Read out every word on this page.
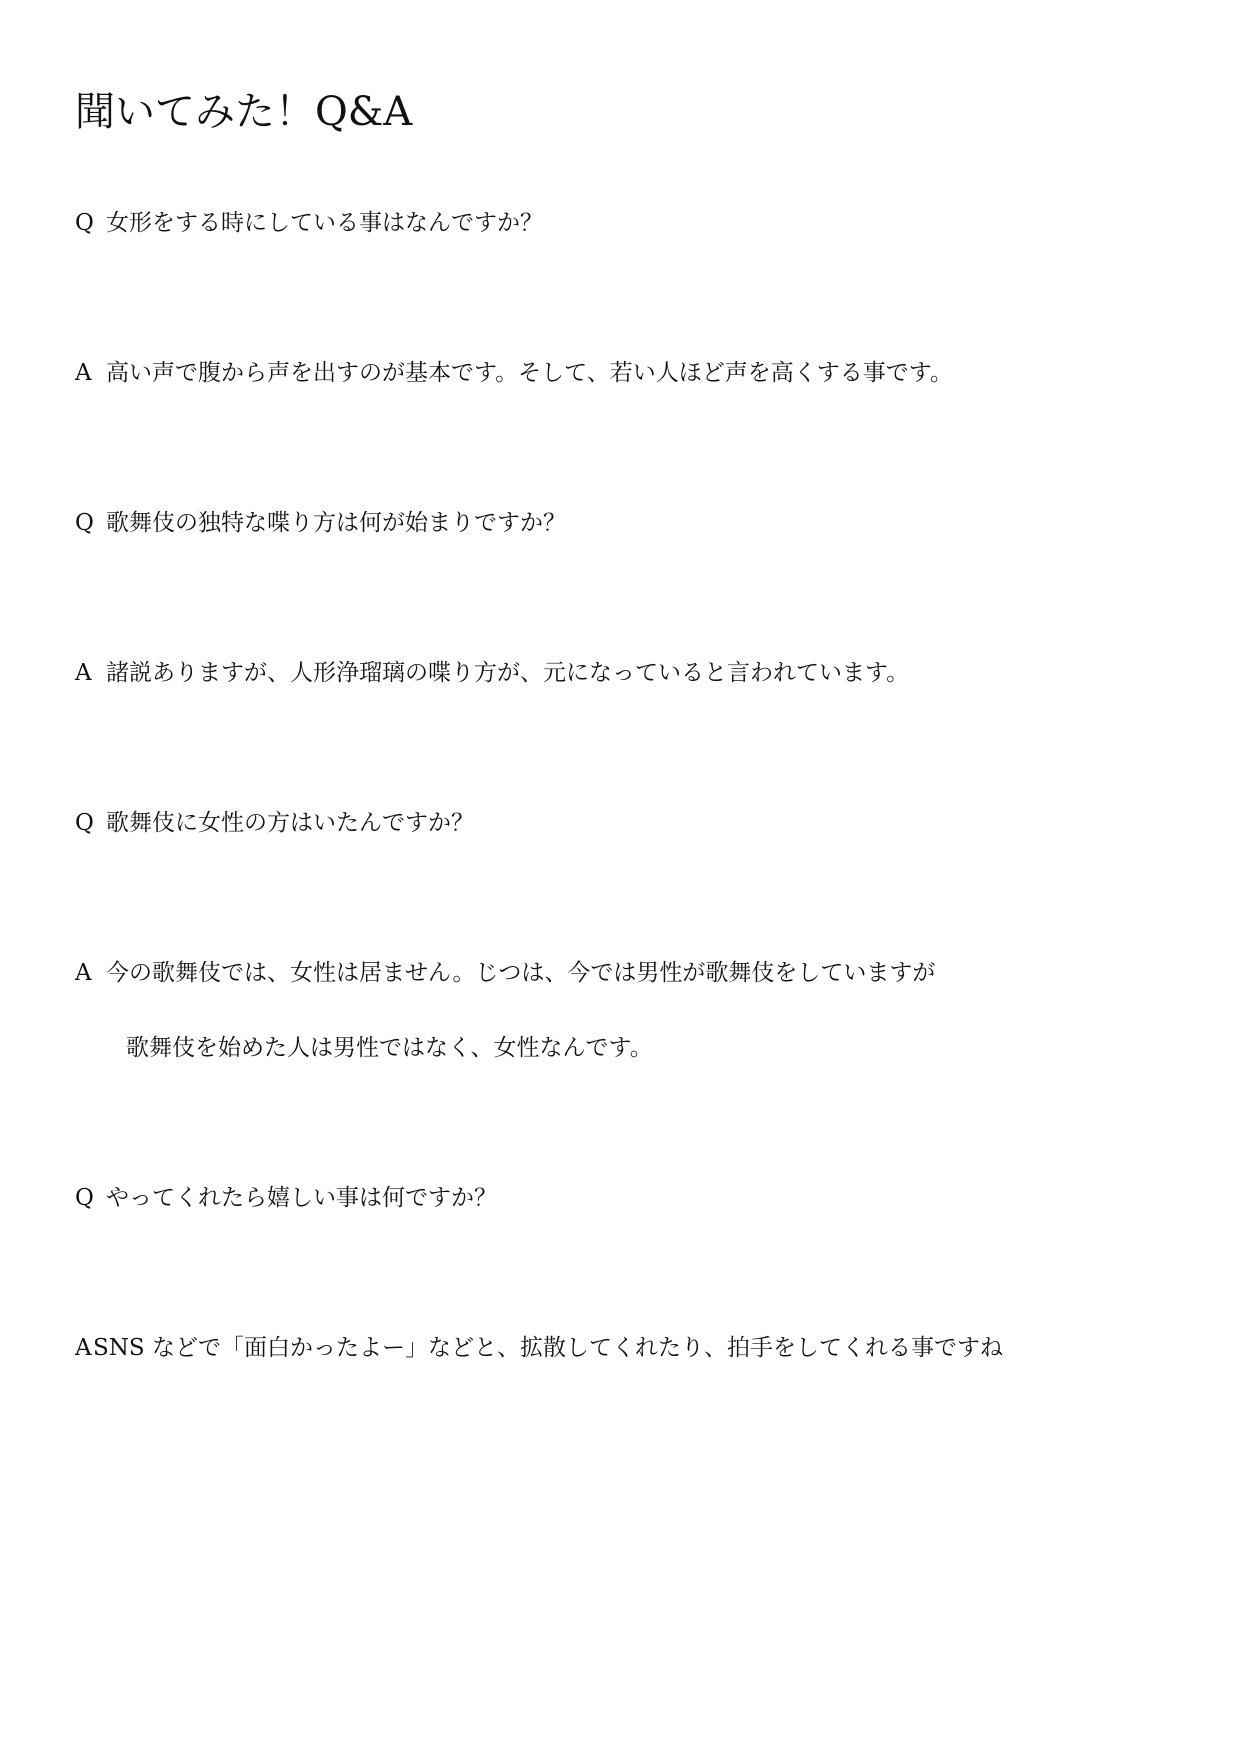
聞いてみた！Q&A
Q 女形をする時にしている事はなんですか？
A 高い声で腹から声を出すのが基本です。そして、若い人ほど声を高くする事です。
Q 歌舞伎の独特な喋り方は何が始まりですか？
A 諸説ありますが、人形浄瑠璃の喋り方が、元になっていると言われています。
Q 歌舞伎に女性の方はいたんですか？
A 今の歌舞伎では、女性は居ません。じつは、今では男性が歌舞伎をしていますが
歌舞伎を始めた人は男性ではなく、女性なんです。
Q やってくれたら嬉しい事は何ですか？
ASNS などで「面白かったよー」などと、拡散してくれたり、拍手をしてくれる事ですね
